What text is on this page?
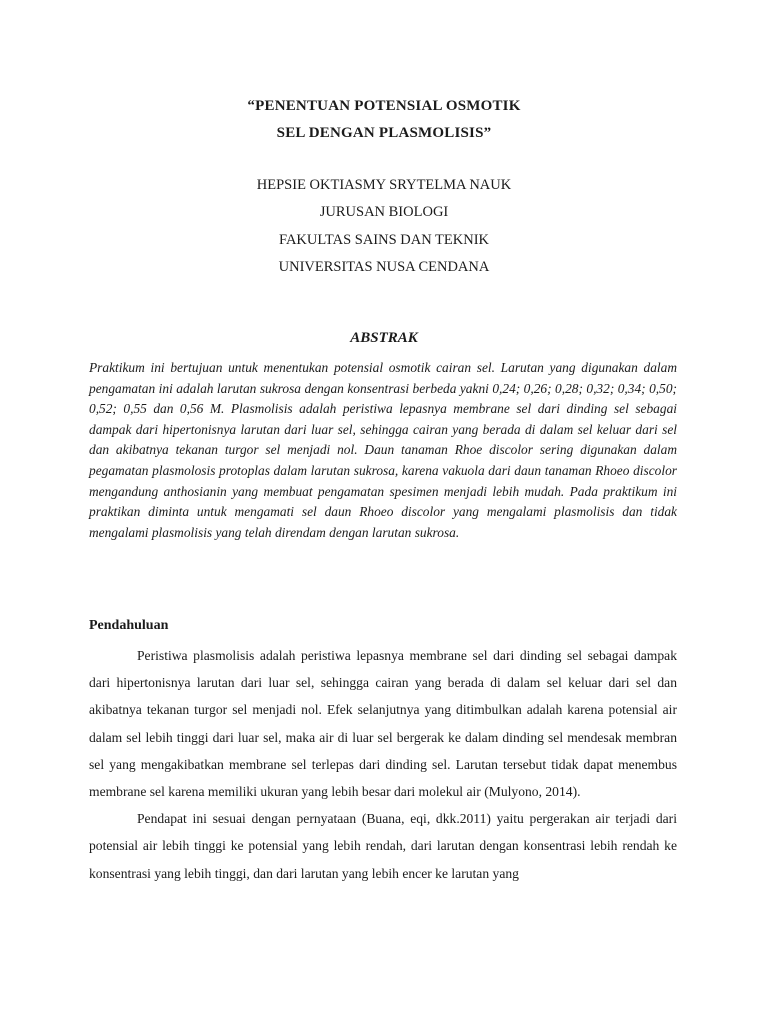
“PENENTUAN POTENSIAL OSMOTIK
SEL DENGAN PLASMOLISIS”
HEPSIE OKTIASMY SRYTELMA NAUK
JURUSAN BIOLOGI
FAKULTAS SAINS DAN TEKNIK
UNIVERSITAS NUSA CENDANA
ABSTRAK
Praktikum ini bertujuan untuk menentukan potensial osmotik cairan sel. Larutan yang digunakan dalam pengamatan ini adalah larutan sukrosa dengan konsentrasi berbeda yakni 0,24; 0,26; 0,28; 0,32; 0,34; 0,50; 0,52; 0,55 dan 0,56 M. Plasmolisis adalah peristiwa lepasnya membrane sel dari dinding sel sebagai dampak dari hipertonisnya larutan dari luar sel, sehingga cairan yang berada di dalam sel keluar dari sel dan akibatnya tekanan turgor sel menjadi nol. Daun tanaman Rhoe discolor sering digunakan dalam pegamatan plasmolosis protoplas dalam larutan sukrosa, karena vakuola dari daun tanaman Rhoeo discolor mengandung anthosianin yang membuat pengamatan spesimen menjadi lebih mudah. Pada praktikum ini praktikan diminta untuk mengamati sel daun Rhoeo discolor yang mengalami plasmolisis dan tidak mengalami plasmolisis yang telah direndam dengan larutan sukrosa.
Pendahuluan

Peristiwa plasmolisis adalah peristiwa lepasnya membrane sel dari dinding sel sebagai dampak dari hipertonisnya larutan dari luar sel, sehingga cairan yang berada di dalam sel keluar dari sel dan akibatnya tekanan turgor sel menjadi nol. Efek selanjutnya yang ditimbulkan adalah karena potensial air dalam sel lebih tinggi dari luar sel, maka air di luar sel bergerak ke dalam dinding sel mendesak membran sel yang mengakibatkan membrane sel terlepas dari dinding sel. Larutan tersebut tidak dapat menembus membrane sel karena memiliki ukuran yang lebih besar dari molekul air (Mulyono, 2014).

Pendapat ini sesuai dengan pernyataan (Buana, eqi, dkk.2011) yaitu pergerakan air terjadi dari potensial air lebih tinggi ke potensial yang lebih rendah, dari larutan dengan konsentrasi lebih rendah ke konsentrasi yang lebih tinggi, dan dari larutan yang lebih encer ke larutan yang
